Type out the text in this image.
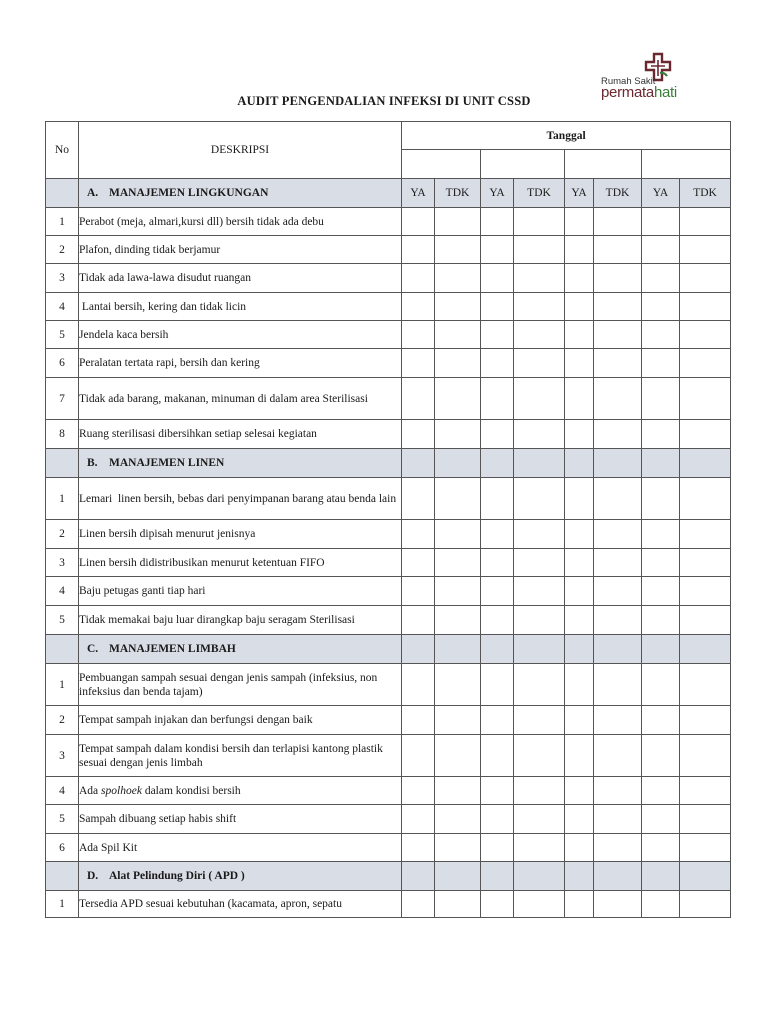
Rumah Sakit
permatahati
AUDIT PENGENDALIAN INFEKSI DI UNIT CSSD
No	DESKRIPSI	Tanggal							

	A. MANAJEMEN LINGKUNGAN	YA	TDK	YA	TDK	YA	TDK	YA	TDK
1	Perabot (meja, almari,kursi dll) bersih tidak ada debu								
2	Plafon, dinding tidak berjamur								
3	Tidak ada lawa-lawa disudut ruangan								
4	Lantai bersih, kering dan tidak licin								
5	Jendela kaca bersih								
6	Peralatan tertata rapi, bersih dan kering								
7	Tidak ada barang, makanan, minuman di dalam area Sterilisasi								
8	Ruang sterilisasi dibersihkan setiap selesai kegiatan								
	B. MANAJEMEN LINEN								
1	Lemari  linen bersih, bebas dari penyimpanan barang atau benda lain								
2	Linen bersih dipisah menurut jenisnya								
3	Linen bersih didistribusikan menurut ketentuan FIFO								
4	Baju petugas ganti tiap hari								
5	Tidak memakai baju luar dirangkap baju seragam Sterilisasi								
	C. MANAJEMEN LIMBAH								
1	Pembuangan sampah sesuai dengan jenis sampah (infeksius, non infeksius dan benda tajam)								
2	Tempat sampah injakan dan berfungsi dengan baik								
3	Tempat sampah dalam kondisi bersih dan terlapisi kantong plastik sesuai dengan jenis limbah								
4	Ada spolhoek dalam kondisi bersih								
5	Sampah dibuang setiap habis shift								
6	Ada Spil Kit								
	D. Alat Pelindung Diri ( APD )								
1	Tersedia APD sesuai kebutuhan (kacamata, apron, sepatu								
